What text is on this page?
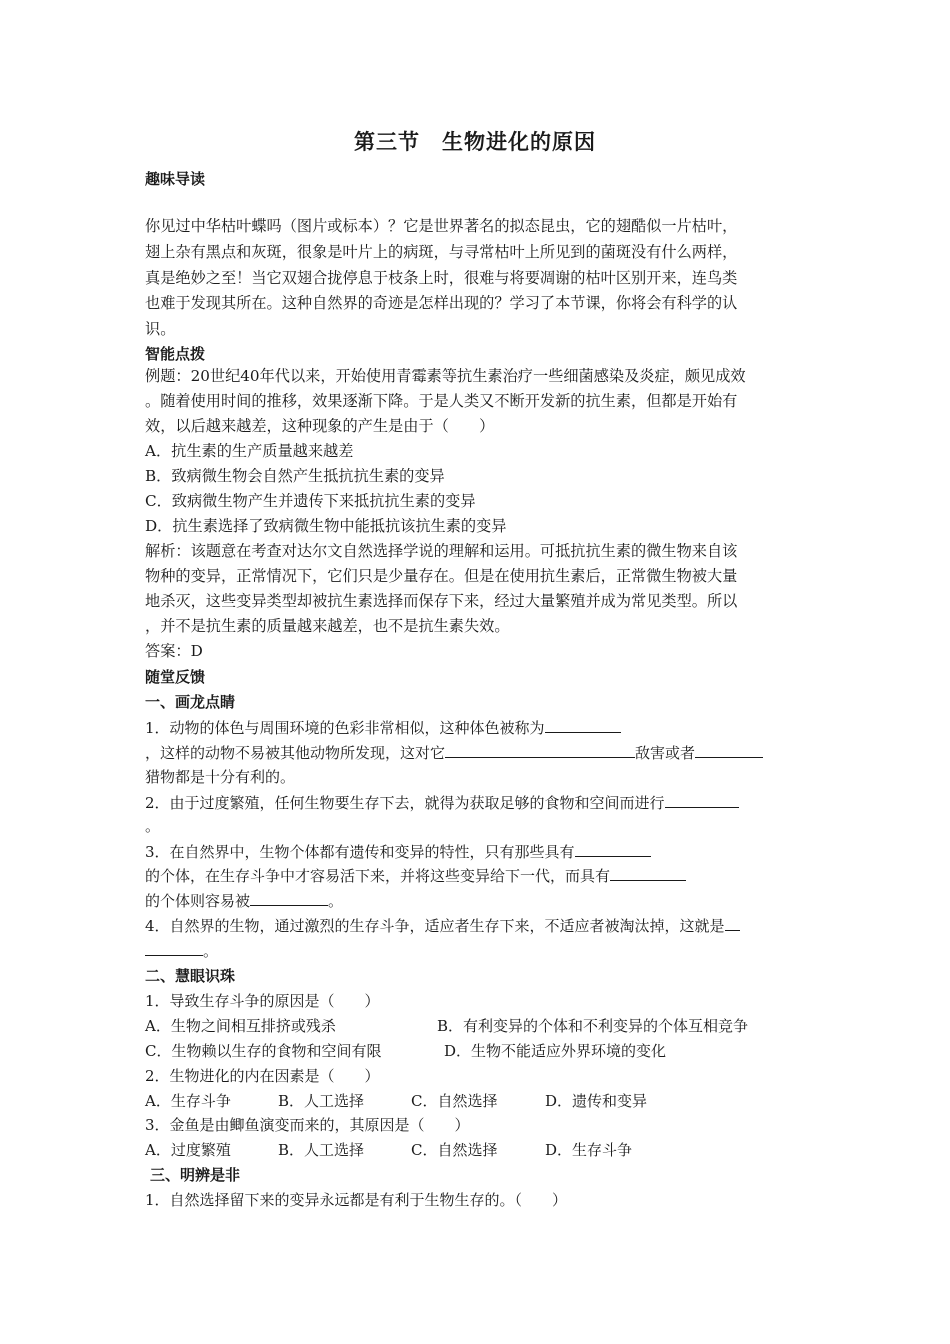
第三节　生物进化的原因
趣味导读
你见过中华枯叶蝶吗（图片或标本）？它是世界著名的拟态昆虫，它的翅酷似一片枯叶，
翅上杂有黑点和灰斑，很象是叶片上的病斑，与寻常枯叶上所见到的菌斑没有什么两样，
真是绝妙之至！当它双翅合拢停息于枝条上时，很难与将要凋谢的枯叶区别开来，连鸟类
也难于发现其所在。这种自然界的奇迹是怎样出现的？学习了本节课，你将会有科学的认
识。
智能点拨
例题：20世纪40年代以来，开始使用青霉素等抗生素治疗一些细菌感染及炎症，颇见成效
。随着使用时间的推移，效果逐渐下降。于是人类又不断开发新的抗生素，但都是开始有
效，以后越来越差，这种现象的产生是由于（　　）
A．抗生素的生产质量越来越差
B．致病微生物会自然产生抵抗抗生素的变异
C．致病微生物产生并遗传下来抵抗抗生素的变异
D．抗生素选择了致病微生物中能抵抗该抗生素的变异
解析：该题意在考查对达尔文自然选择学说的理解和运用。可抵抗抗生素的微生物来自该
物种的变异，正常情况下，它们只是少量存在。但是在使用抗生素后，正常微生物被大量
地杀灭，这些变异类型却被抗生素选择而保存下来，经过大量繁殖并成为常见类型。所以
，并不是抗生素的质量越来越差，也不是抗生素失效。
答案：D
随堂反馈
一、画龙点睛
1．动物的体色与周围环境的色彩非常相似，这种体色被称为
，这样的动物不易被其他动物所发现，这对它	敌害或者
猎物都是十分有利的。
2．由于过度繁殖，任何生物要生存下去，就得为获取足够的食物和空间而进行
。
3．在自然界中，生物个体都有遗传和变异的特性，只有那些具有
的个体，在生存斗争中才容易活下来，并将这些变异给下一代，而具有
的个体则容易被	。
4．自然界的生物，通过激烈的生存斗争，适应者生存下来，不适应者被淘汰掉，这就是
。
二、慧眼识珠
1．导致生存斗争的原因是（　　）
A．生物之间相互排挤或残杀	B．有利变异的个体和不利变异的个体互相竞争
C．生物赖以生存的食物和空间有限	D．生物不能适应外界环境的变化
2．生物进化的内在因素是（　　）
A．生存斗争	B．人工选择	C．自然选择	D．遗传和变异
3．金鱼是由鲫鱼演变而来的，其原因是（　　）
A．过度繁殖	B．人工选择	C．自然选择	D．生存斗争
三、明辨是非
1．自然选择留下来的变异永远都是有利于生物生存的。（　　）
